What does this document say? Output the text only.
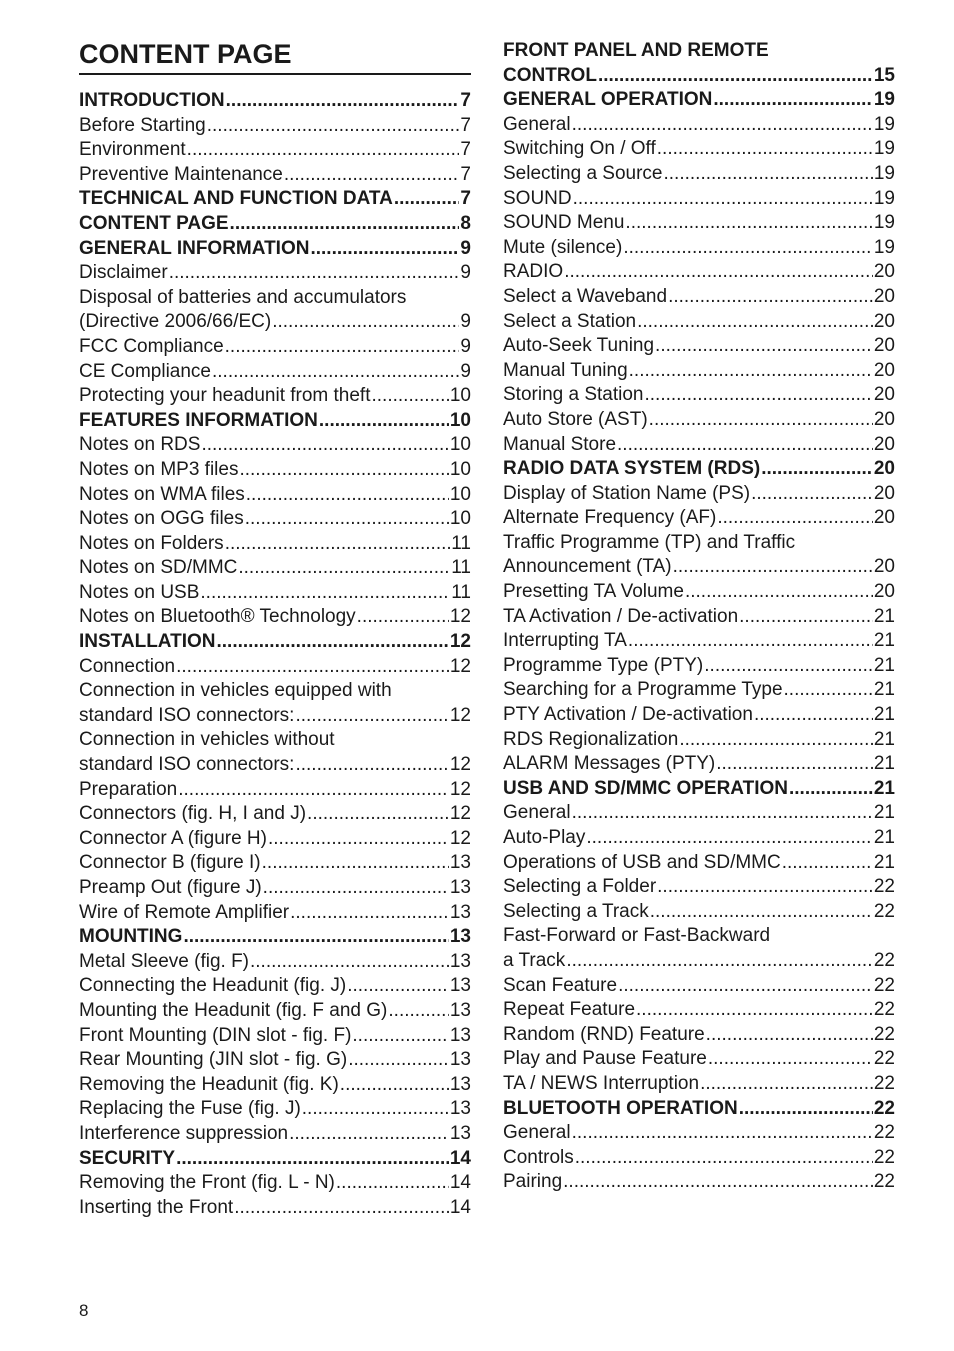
CONTENT PAGE
INTRODUCTION .....	7
Before Starting .....	7
Environment .....	7
Preventive Maintenance .....	7
TECHNICAL AND FUNCTION DATA .....	7
CONTENT PAGE .....	8
GENERAL INFORMATION .....	9
Disclaimer .....	9
Disposal of batteries and accumulators
(Directive 2006/66/EC) .....	9
FCC Compliance .....	9
CE Compliance .....	9
Protecting your headunit from theft .....	10
FEATURES INFORMATION .....	10
Notes on RDS .....	10
Notes on MP3 files .....	10
Notes on WMA files .....	10
Notes on OGG files .....	10
Notes on Folders .....	11
Notes on SD/MMC .....	11
Notes on USB .....	11
Notes on Bluetooth® Technology .....	12
INSTALLATION .....	12
Connection .....	12
Connection in vehicles equipped with
standard ISO connectors: .....	12
Connection in vehicles without
standard ISO connectors: .....	12
Preparation .....	12
Connectors (fig. H, I and J) .....	12
Connector A (figure H) .....	12
Connector B (figure I) .....	13
Preamp Out (figure J) .....	13
Wire of Remote Amplifier .....	13
MOUNTING .....	13
Metal Sleeve (fig. F) .....	13
Connecting the Headunit (fig. J) .....	13
Mounting the Headunit (fig. F and G) .....	13
Front Mounting (DIN slot - fig. F) .....	13
Rear Mounting (JIN slot - fig. G) .....	13
Removing the Headunit (fig. K) .....	13
Replacing the Fuse (fig. J) .....	13
Interference suppression .....	13
SECURITY .....	14
Removing the Front (fig. L - N) .....	14
Inserting the Front .....	14
FRONT PANEL AND REMOTE
CONTROL .....	15
GENERAL OPERATION .....	19
General .....	19
Switching On / Off .....	19
Selecting a Source .....	19
SOUND .....	19
SOUND Menu .....	19
Mute (silence) .....	19
RADIO .....	20
Select a Waveband .....	20
Select a Station .....	20
Auto-Seek Tuning .....	20
Manual Tuning .....	20
Storing a Station .....	20
Auto Store (AST) .....	20
Manual Store .....	20
RADIO DATA SYSTEM (RDS) .....	20
Display of Station Name (PS) .....	20
Alternate Frequency (AF) .....	20
Traffic Programme (TP) and Traffic
Announcement (TA) .....	20
Presetting TA Volume .....	20
TA Activation / De-activation .....	21
Interrupting TA .....	21
Programme Type (PTY) .....	21
Searching for a Programme Type .....	21
PTY Activation / De-activation .....	21
RDS Regionalization .....	21
ALARM Messages (PTY) .....	21
USB AND SD/MMC OPERATION .....	21
General .....	21
Auto-Play .....	21
Operations of USB and SD/MMC .....	21
Selecting a Folder .....	22
Selecting a Track .....	22
Fast-Forward or Fast-Backward
a Track .....	22
Scan Feature .....	22
Repeat Feature .....	22
Random (RND) Feature .....	22
Play and Pause Feature .....	22
TA / NEWS Interruption .....	22
BLUETOOTH OPERATION .....	22
General .....	22
Controls .....	22
Pairing .....	22
8
